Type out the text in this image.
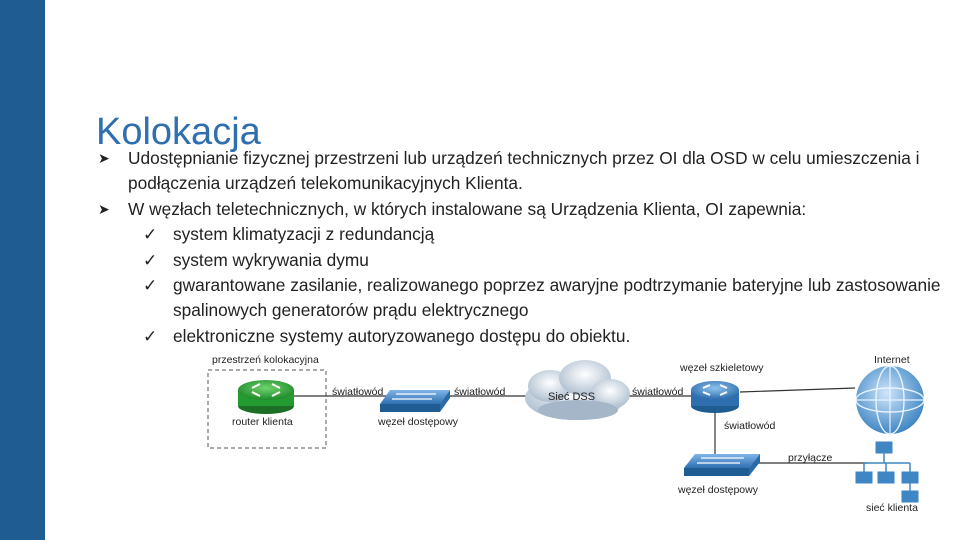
Kolokacja
➤	Udostępnianie fizycznej przestrzeni lub urządzeń technicznych przez OI dla OSD w celu umieszczenia i podłączenia urządzeń telekomunikacyjnych Klienta.
➤	W węzłach teletechnicznych, w których instalowane są Urządzenia Klienta, OI zapewnia:
✓ system klimatyzacji z redundancją
✓ system wykrywania dymu
✓ gwarantowane zasilanie, realizowanego poprzez awaryjne podtrzymanie bateryjne lub zastosowanie spalinowych generatorów prądu elektrycznego
✓ elektroniczne systemy autoryzowanego dostępu do obiektu.
przestrzeń kolokacyjna
router klienta
światłowód	światłowód	światłowód
światłowód
węzeł dostępowy
Sieć DSS
węzeł szkieletowy
Internet
przyłącze
węzeł dostępowy
sieć klienta
